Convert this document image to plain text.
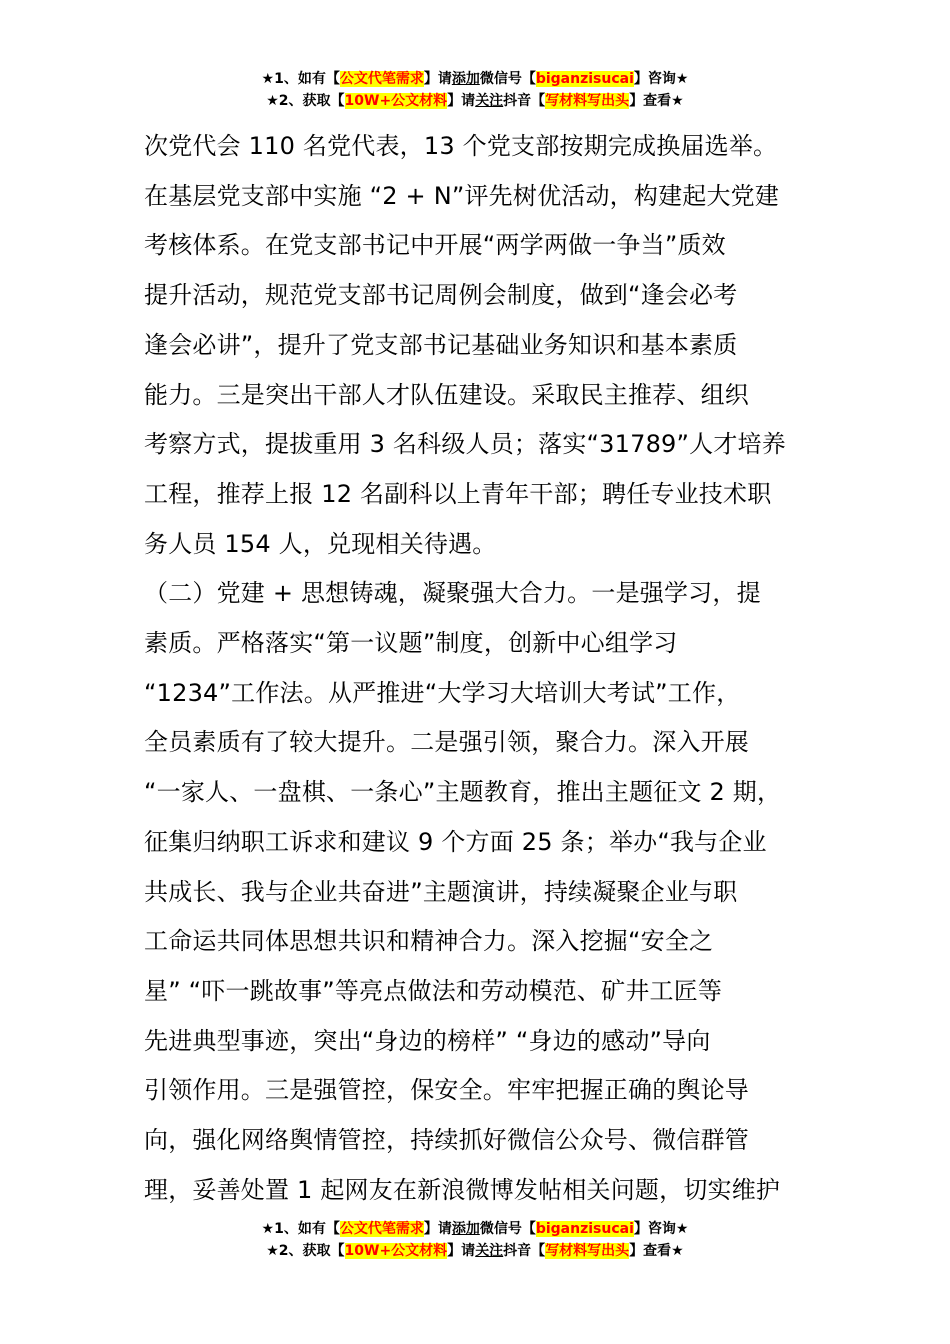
★1、如有【公文代笔需求】请添加微信号【biganzisucai】咨询★
★2、获取【10W+公文材料】请关注抖音【写材料写出头】查看★

次党代会 110 名党代表，13 个党支部按期完成换届选举。

在基层党支部中实施 “2 + N”评先树优活动，构建起大党建

考核体系。在党支部书记中开展“两学两做一争当”质效

提升活动，规范党支部书记周例会制度，做到“逢会必考

逢会必讲”，提升了党支部书记基础业务知识和基本素质

能力。三是突出干部人才队伍建设。采取民主推荐、组织

考察方式，提拔重用 3 名科级人员；落实“31789”人才培养

工程，推荐上报 12 名副科以上青年干部；聘任专业技术职

务人员 154 人，兑现相关待遇。

（二）党建 + 思想铸魂，凝聚强大合力。一是强学习，提

素质。严格落实“第一议题”制度，创新中心组学习

“1234”工作法。从严推进“大学习大培训大考试”工作，

全员素质有了较大提升。二是强引领，聚合力。深入开展

“一家人、一盘棋、一条心”主题教育，推出主题征文 2 期，

征集归纳职工诉求和建议 9 个方面 25 条；举办“我与企业

共成长、我与企业共奋进”主题演讲，持续凝聚企业与职

工命运共同体思想共识和精神合力。深入挖掘“安全之

星” “吓一跳故事”等亮点做法和劳动模范、矿井工匠等

先进典型事迹，突出“身边的榜样” “身边的感动”导向

引领作用。三是强管控，保安全。牢牢把握正确的舆论导

向，强化网络舆情管控，持续抓好微信公众号、微信群管

理，妥善处置 1 起网友在新浪微博发帖相关问题，切实维护

★1、如有【公文代笔需求】请添加微信号【biganzisucai】咨询★
★2、获取【10W+公文材料】请关注抖音【写材料写出头】查看★
